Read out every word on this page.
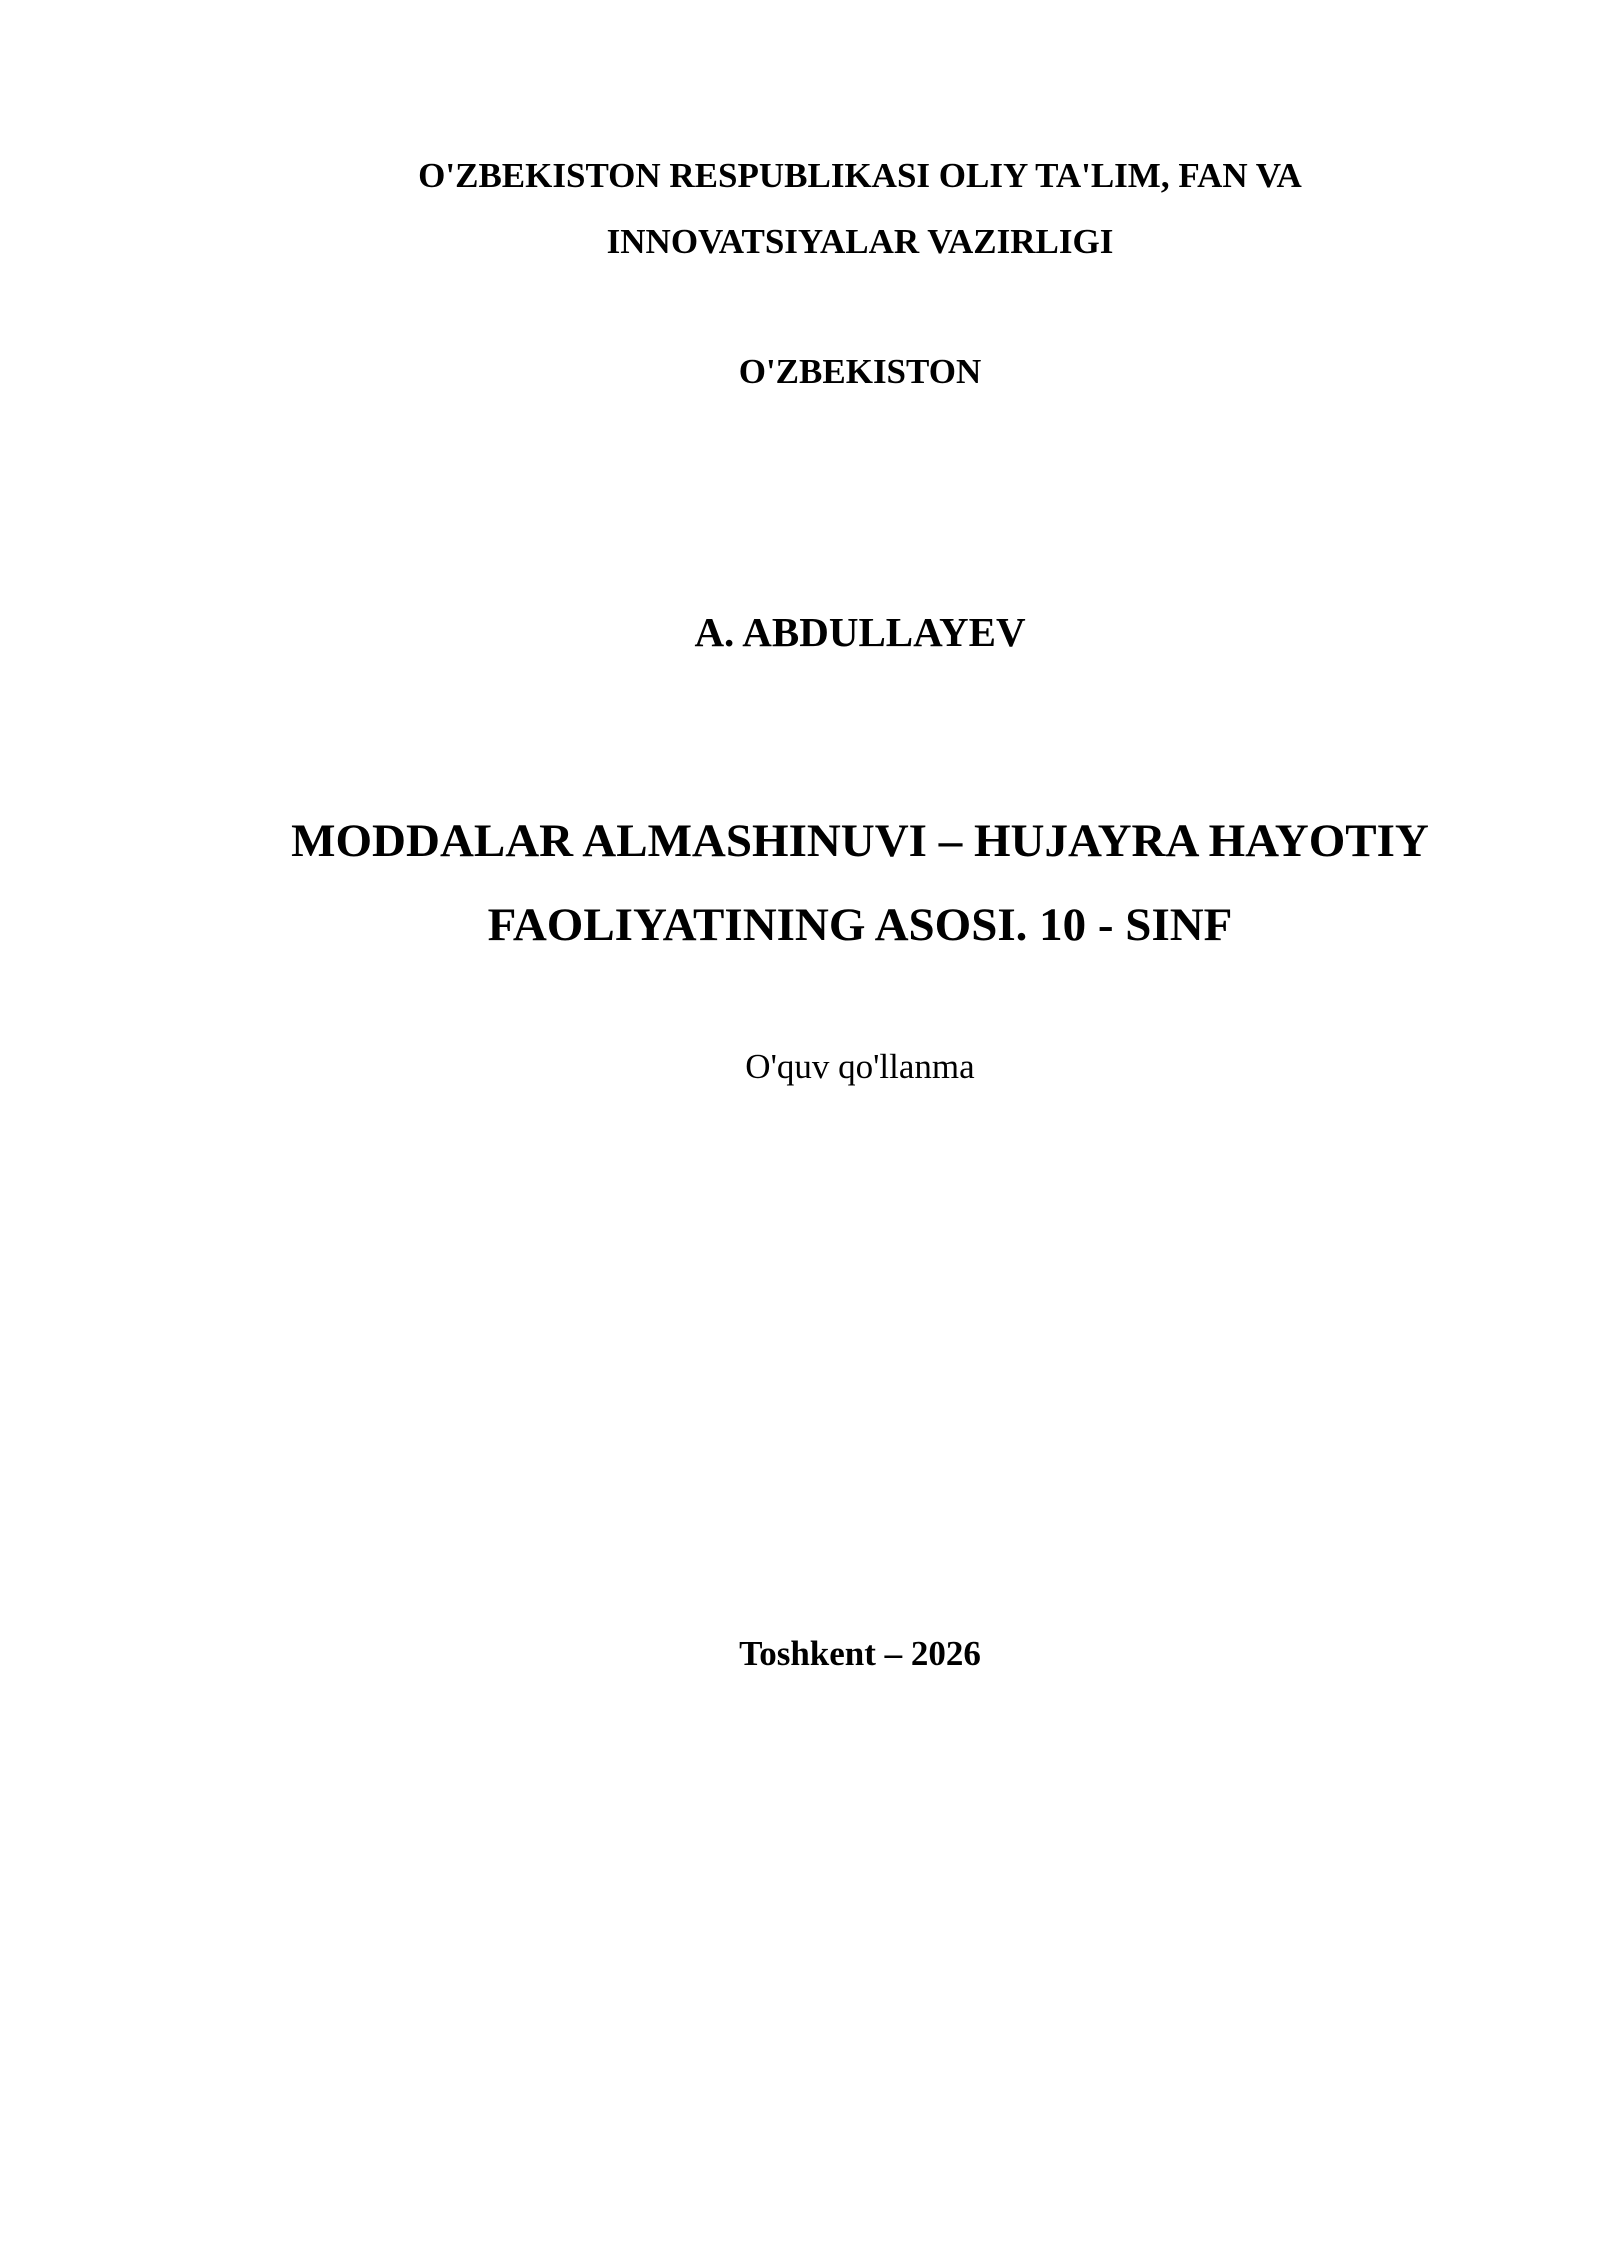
O'ZBEKISTON RESPUBLIKASI OLIY TA'LIM, FAN VA

INNOVATSIYALAR VAZIRLIGI

O'ZBEKISTON

A. ABDULLAYEV

MODDALAR ALMASHINUVI – HUJAYRA HAYOTIY

FAOLIYATINING ASOSI. 10 - SINF

O'quv qo'llanma

Toshkent – 2026
